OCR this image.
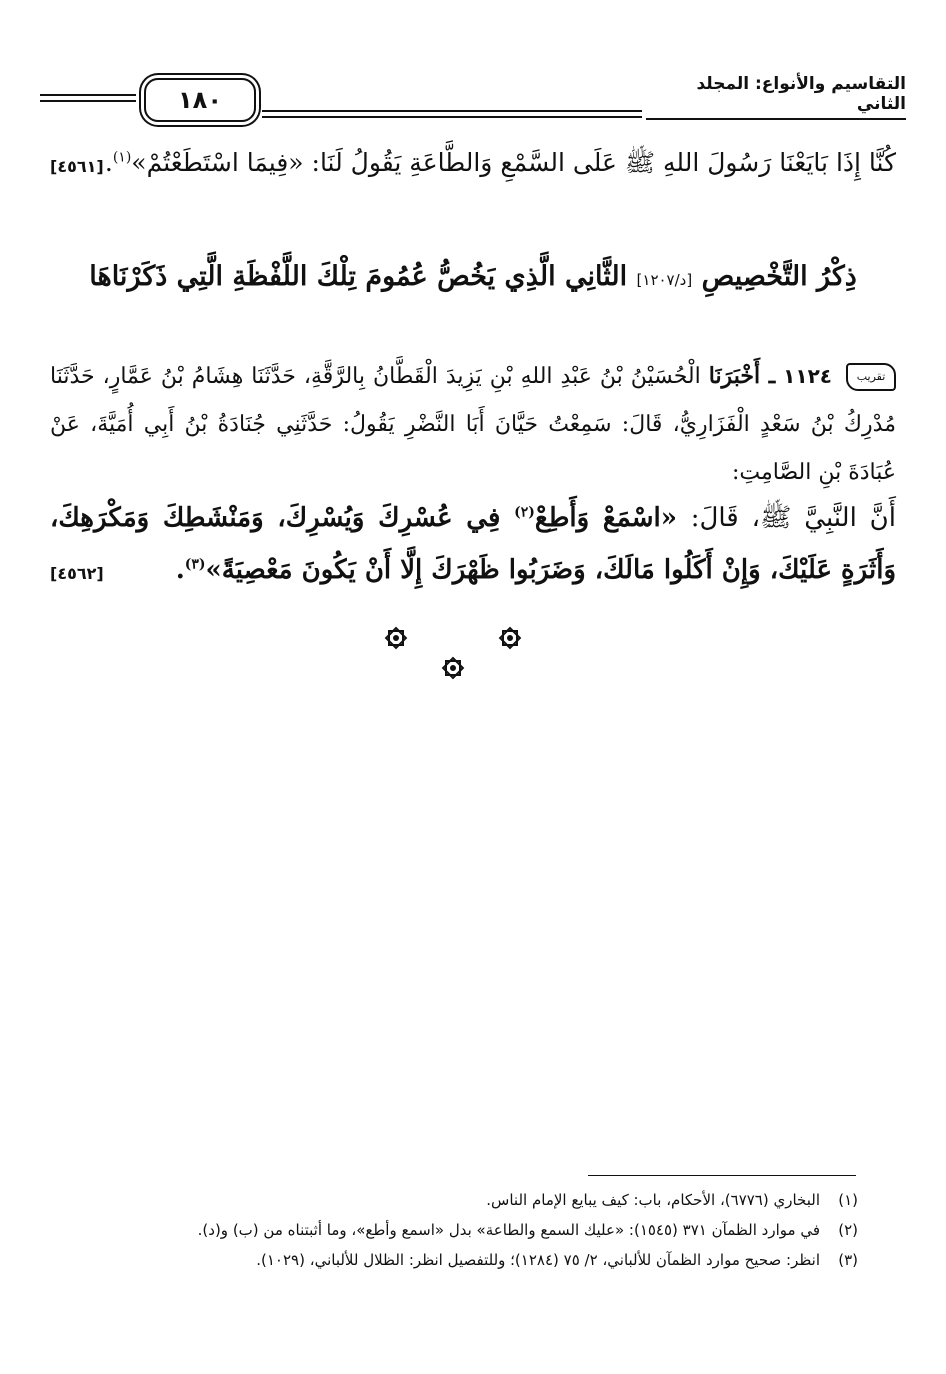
التقاسيم والأنواع: المجلد الثاني
١٨٠
كُنَّا إِذَا بَايَعْنَا رَسُولَ اللهِ ﷺ عَلَى السَّمْعِ وَالطَّاعَةِ يَقُولُ لَنَا: «فِيمَا اسْتَطَعْتُمْ»$^{(١)}$.
[٤٥٦١]
ذِكْرُ التَّخْصِيصِ [د/١٢٠٧] الثَّانِي الَّذِي يَخُصُّ عُمُومَ تِلْكَ اللَّفْظَةِ الَّتِي ذَكَرْنَاهَا
تقريب ١١٢٤ ـ أَخْبَرَنَا الْحُسَيْنُ بْنُ عَبْدِ اللهِ بْنِ يَزِيدَ الْقَطَّانُ بِالرَّقَّةِ، حَدَّثَنَا هِشَامُ بْنُ عَمَّارٍ، حَدَّثَنَا مُدْرِكُ بْنُ سَعْدٍ الْفَزَارِيُّ، قَالَ: سَمِعْتُ حَيَّانَ أَبَا النَّضْرِ يَقُولُ: حَدَّثَنِي جُنَادَةُ بْنُ أَبِي أُمَيَّةَ، عَنْ عُبَادَةَ بْنِ الصَّامِتِ:
أَنَّ النَّبِيَّ ﷺ، قَالَ: «اسْمَعْ وَأَطِعْ$^{(٢)}$ فِي عُسْرِكَ وَيُسْرِكَ، وَمَنْشَطِكَ وَمَكْرَهِكَ، وَأَثَرَةٍ عَلَيْكَ، وَإِنْ أَكَلُوا مَالَكَ، وَضَرَبُوا ظَهْرَكَ إِلَّا أَنْ يَكُونَ مَعْصِيَةً»$^{(٣)}$.
[٤٥٦٢]
(١)
البخاري (٦٧٧٦)، الأحكام، باب: كيف يبايع الإمام الناس.
(٢)
في موارد الظمآن ٣٧١ (١٥٤٥): «عليك السمع والطاعة» بدل «اسمع وأطع»، وما أثبتناه من (ب) و(د).
(٣)
انظر: صحيح موارد الظمآن للألباني، ٢/ ٧٥ (١٢٨٤)؛ وللتفصيل انظر: الظلال للألباني، (١٠٢٩).
